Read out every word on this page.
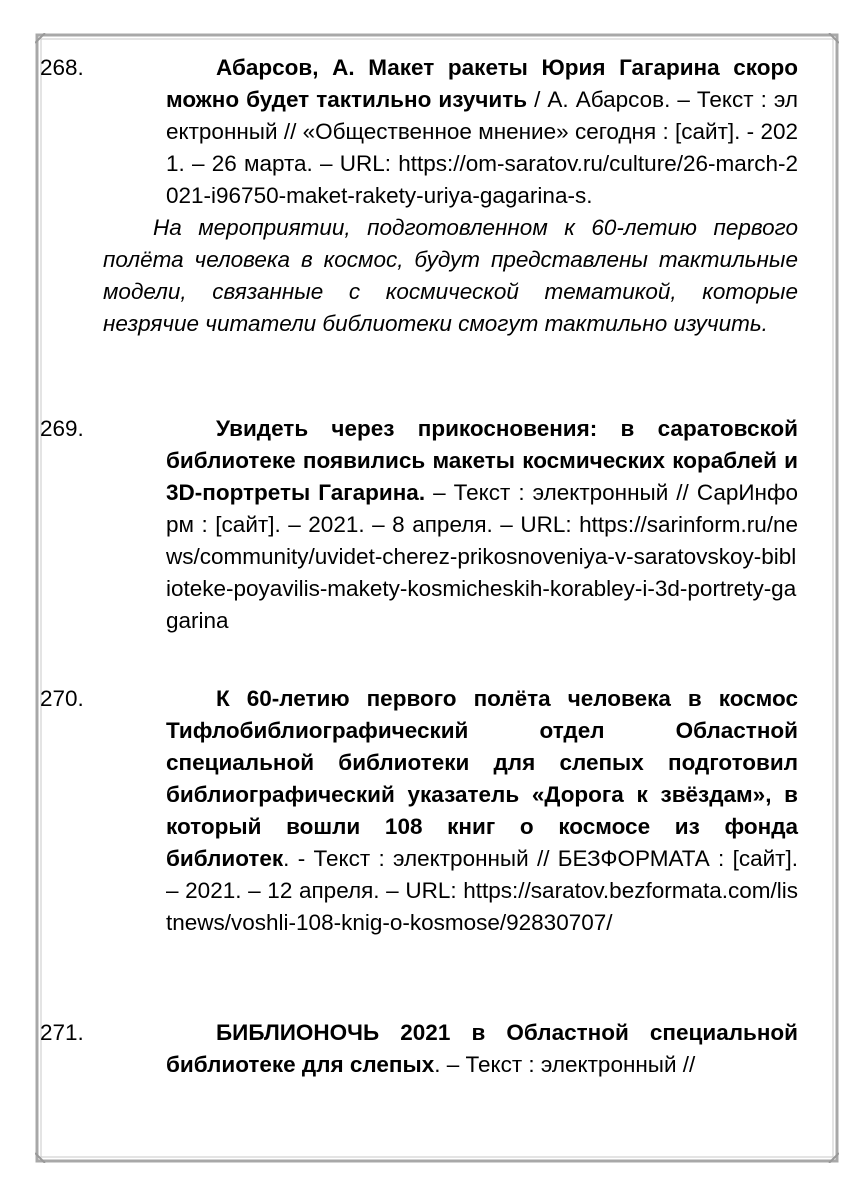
268.	Абарсов, А. Макет ракеты Юрия Гагарина скоро можно будет тактильно изучить / А. Абарсов. – Текст : электронный // «Общественное мнение» сегодня : [сайт]. - 2021. – 26 марта. – URL: https://om-saratov.ru/culture/26-march-2021-i96750-maket-rakety-uriya-gagarina-s.

На мероприятии, подготовленном к 60-летию первого полёта человека в космос, будут представлены тактильные модели, связанные с космической тематикой, которые незрячие читатели библиотеки смогут тактильно изучить.

269.	Увидеть через прикосновения: в саратовской библиотеке появились макеты космических кораблей и 3D-портреты Гагарина. – Текст : электронный // СарИнформ : [сайт]. – 2021. – 8 апреля. – URL: https://sarinform.ru/news/community/uvidet-cherez-prikosnoveniya-v-saratovskoy-biblioteke-poyavilis-makety-kosmicheskih-korabley-i-3d-portrety-gagarina

270.	К 60-летию первого полёта человека в космос Тифлобиблиографический отдел Областной специальной библиотеки для слепых подготовил библиографический указатель «Дорога к звёздам», в который вошли 108 книг о космосе из фонда библиотек. - Текст : электронный // БЕЗФОРМАТА : [сайт]. – 2021. – 12 апреля. – URL: https://saratov.bezformata.com/listnews/voshli-108-knig-o-kosmose/92830707/

271.	БИБЛИОНОЧЬ 2021 в Областной специальной библиотеке для слепых. – Текст : электронный //
